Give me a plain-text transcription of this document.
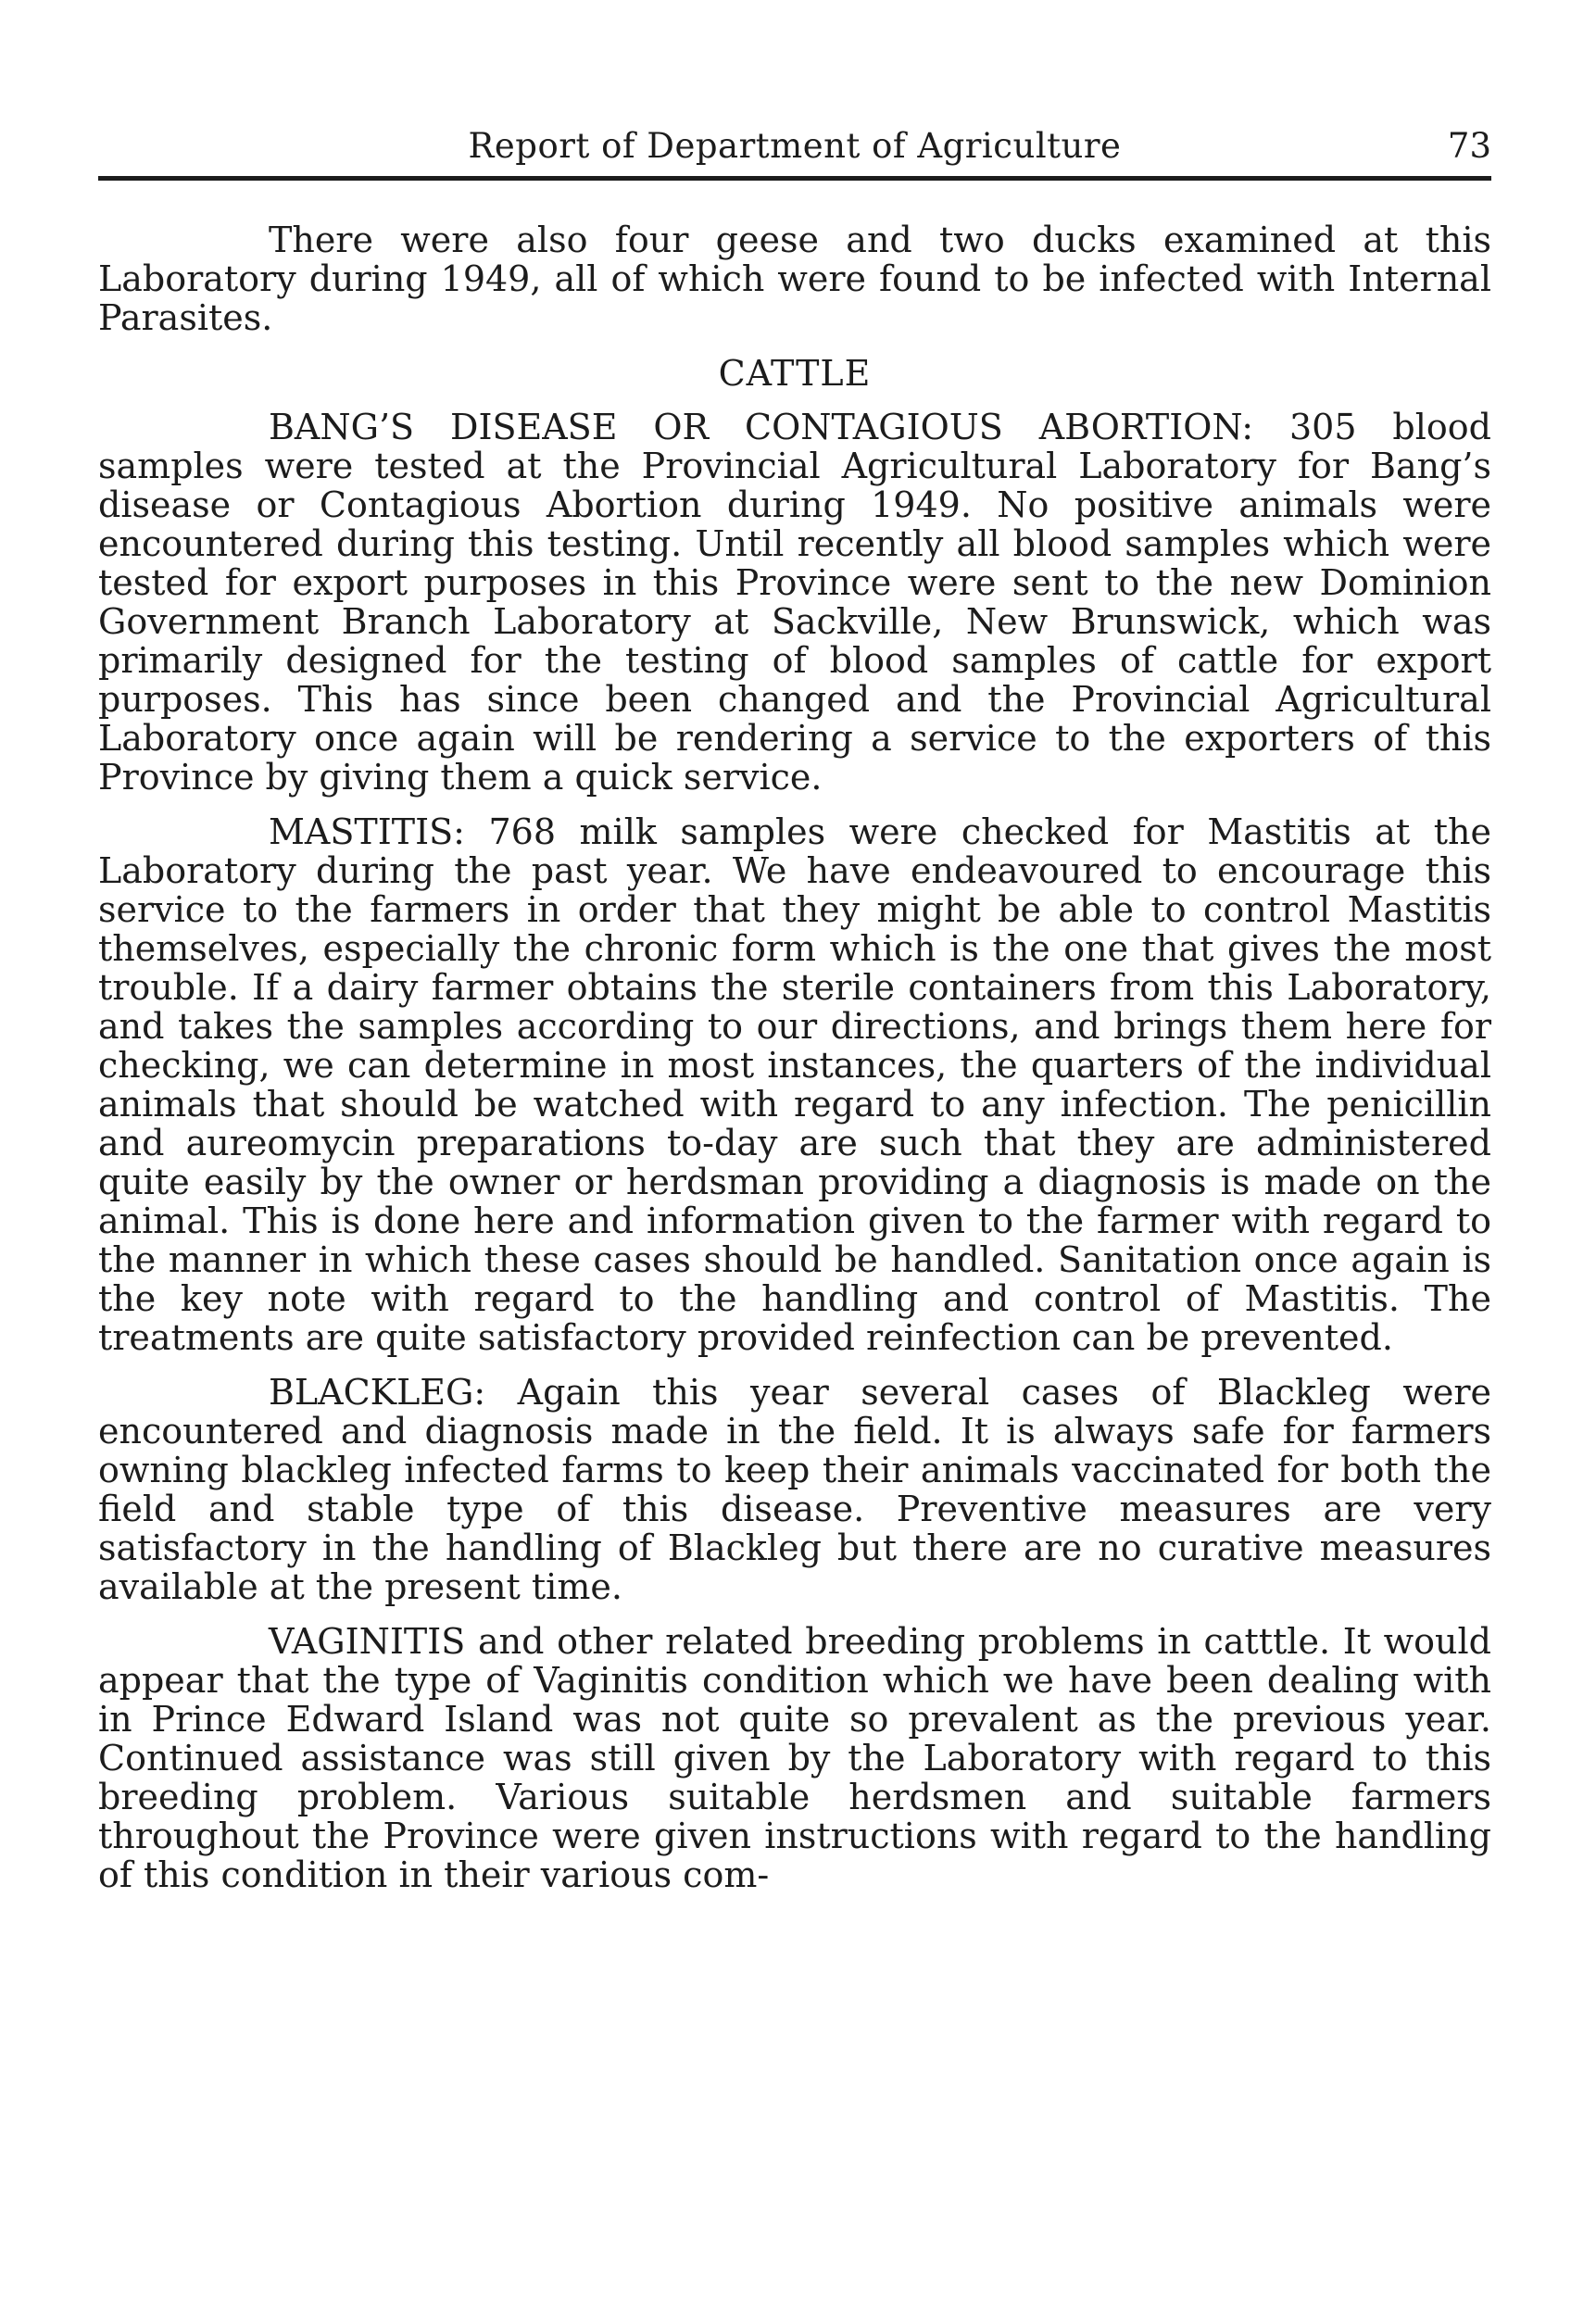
Report of Department of Agriculture	73

There were also four geese and two ducks examined at this Laboratory during 1949, all of which were found to be infected with Internal Parasites.

CATTLE

BANG’S DISEASE OR CONTAGIOUS ABORTION: 305 blood samples were tested at the Provincial Agricultural Laboratory for Bang’s disease or Contagious Abortion during 1949. No positive animals were encountered during this testing. Until recently all blood samples which were tested for export purposes in this Province were sent to the new Dominion Government Branch Laboratory at Sackville, New Brunswick, which was primarily designed for the testing of blood samples of cattle for export purposes. This has since been changed and the Provincial Agricultural Laboratory once again will be rendering a service to the exporters of this Province by giving them a quick service.

MASTITIS: 768 milk samples were checked for Mastitis at the Laboratory during the past year. We have endeavoured to encourage this service to the farmers in order that they might be able to control Mastitis themselves, especially the chronic form which is the one that gives the most trouble. If a dairy farmer obtains the sterile containers from this Laboratory, and takes the samples according to our directions, and brings them here for checking, we can determine in most instances, the quarters of the individual animals that should be watched with regard to any infection. The penicillin and aureomycin preparations to-day are such that they are administered quite easily by the owner or herdsman providing a diagnosis is made on the animal. This is done here and information given to the farmer with regard to the manner in which these cases should be handled. Sanitation once again is the key note with regard to the handling and control of Mastitis. The treatments are quite satisfactory provided reinfection can be prevented.

BLACKLEG: Again this year several cases of Blackleg were encountered and diagnosis made in the field. It is always safe for farmers owning blackleg infected farms to keep their animals vaccinated for both the field and stable type of this disease. Preventive measures are very satisfactory in the handling of Blackleg but there are no curative measures available at the present time.

VAGINITIS and other related breeding problems in catttle. It would appear that the type of Vaginitis condition which we have been dealing with in Prince Edward Island was not quite so prevalent as the previous year. Continued assistance was still given by the Laboratory with regard to this breeding problem. Various suitable herdsmen and suitable farmers throughout the Province were given instructions with regard to the handling of this condition in their various com-
